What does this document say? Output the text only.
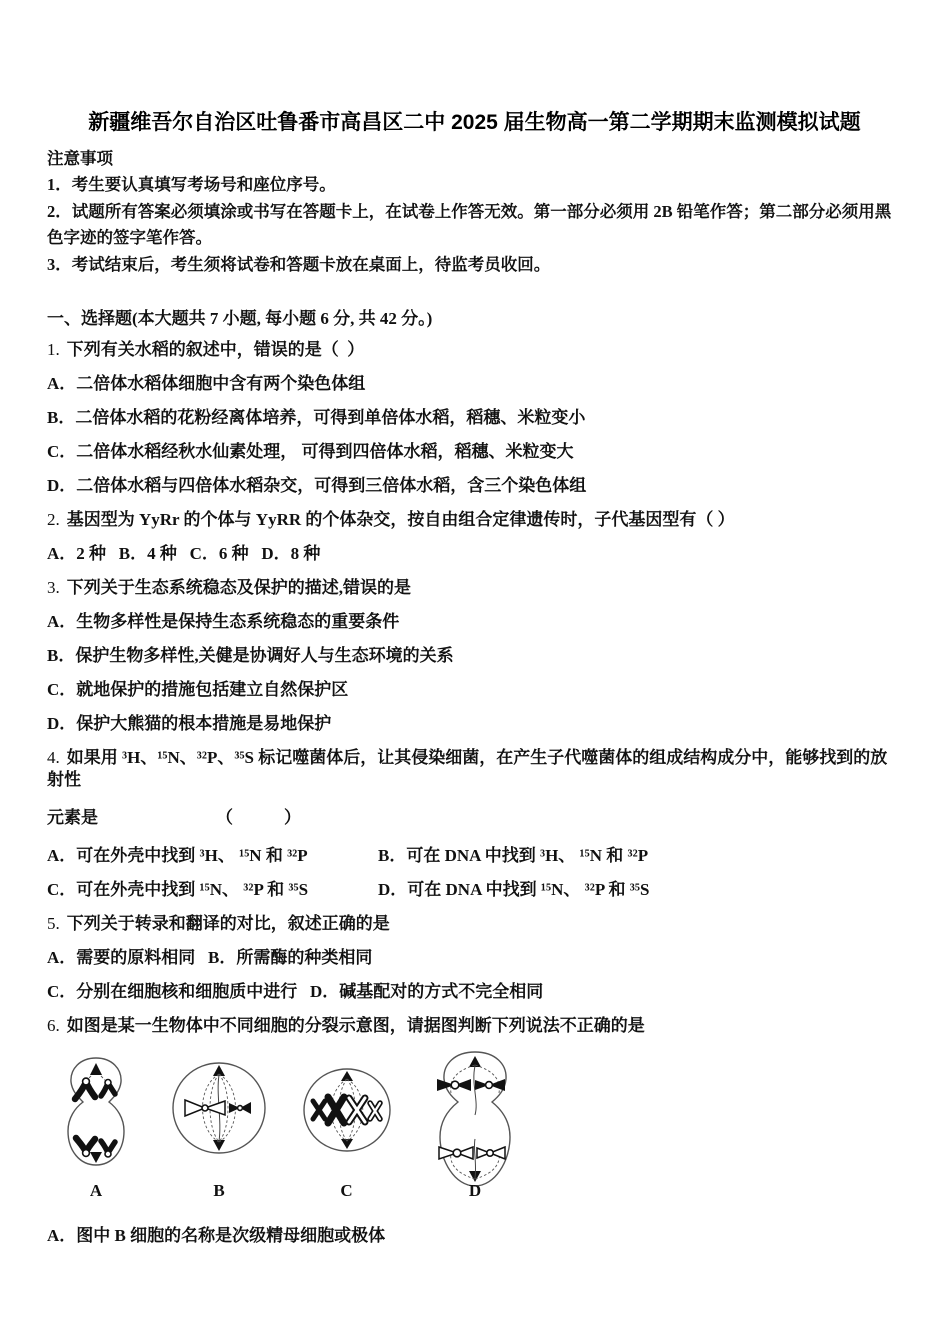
新疆维吾尔自治区吐鲁番市高昌区二中 2025 届生物高一第二学期期末监测模拟试题
注意事项
1．考生要认真填写考场号和座位序号。
2．试题所有答案必须填涂或书写在答题卡上，在试卷上作答无效。第一部分必须用 2B 铅笔作答；第二部分必须用黑色字迹的签字笔作答。
3．考试结束后，考生须将试卷和答题卡放在桌面上，待监考员收回。
一、选择题(本大题共 7 小题, 每小题 6 分, 共 42 分。)
1. 下列有关水稻的叙述中，错误的是（  ）
A．二倍体水稻体细胞中含有两个染色体组
B．二倍体水稻的花粉经离体培养，可得到单倍体水稻，稻穗、米粒变小
C．二倍体水稻经秋水仙素处理， 可得到四倍体水稻，稻穗、米粒变大
D．二倍体水稻与四倍体水稻杂交，可得到三倍体水稻，含三个染色体组
2. 基因型为 YyRr 的个体与 YyRR 的个体杂交，按自由组合定律遗传时，子代基因型有（ ）
A．2 种   B．4 种   C．6 种   D．8 种
3. 下列关于生态系统稳态及保护的描述,错误的是
A．生物多样性是保持生态系统稳态的重要条件
B．保护生物多样性,关健是协调好人与生态环境的关系
C．就地保护的措施包括建立自然保护区
D．保护大熊猫的根本措施是易地保护
4. 如果用 ³H、¹⁵N、³²P、³⁵S 标记噬菌体后，让其侵染细菌，在产生子代噬菌体的组成结构成分中，能够找到的放射性
元素是	（　　　）
A．可在外壳中找到 ³H、 ¹⁵N 和 ³²P	B．可在 DNA 中找到 ³H、 ¹⁵N 和 ³²P
C．可在外壳中找到 ¹⁵N、 ³²P 和 ³⁵S	D．可在 DNA 中找到 ¹⁵N、 ³²P 和 ³⁵S
5. 下列关于转录和翻译的对比，叙述正确的是
A．需要的原料相同   B．所需酶的种类相同
C．分别在细胞核和细胞质中进行   D．碱基配对的方式不完全相同
6. 如图是某一生物体中不同细胞的分裂示意图，请据图判断下列说法不正确的是
A	B	C	D
A．图中 B 细胞的名称是次级精母细胞或极体
